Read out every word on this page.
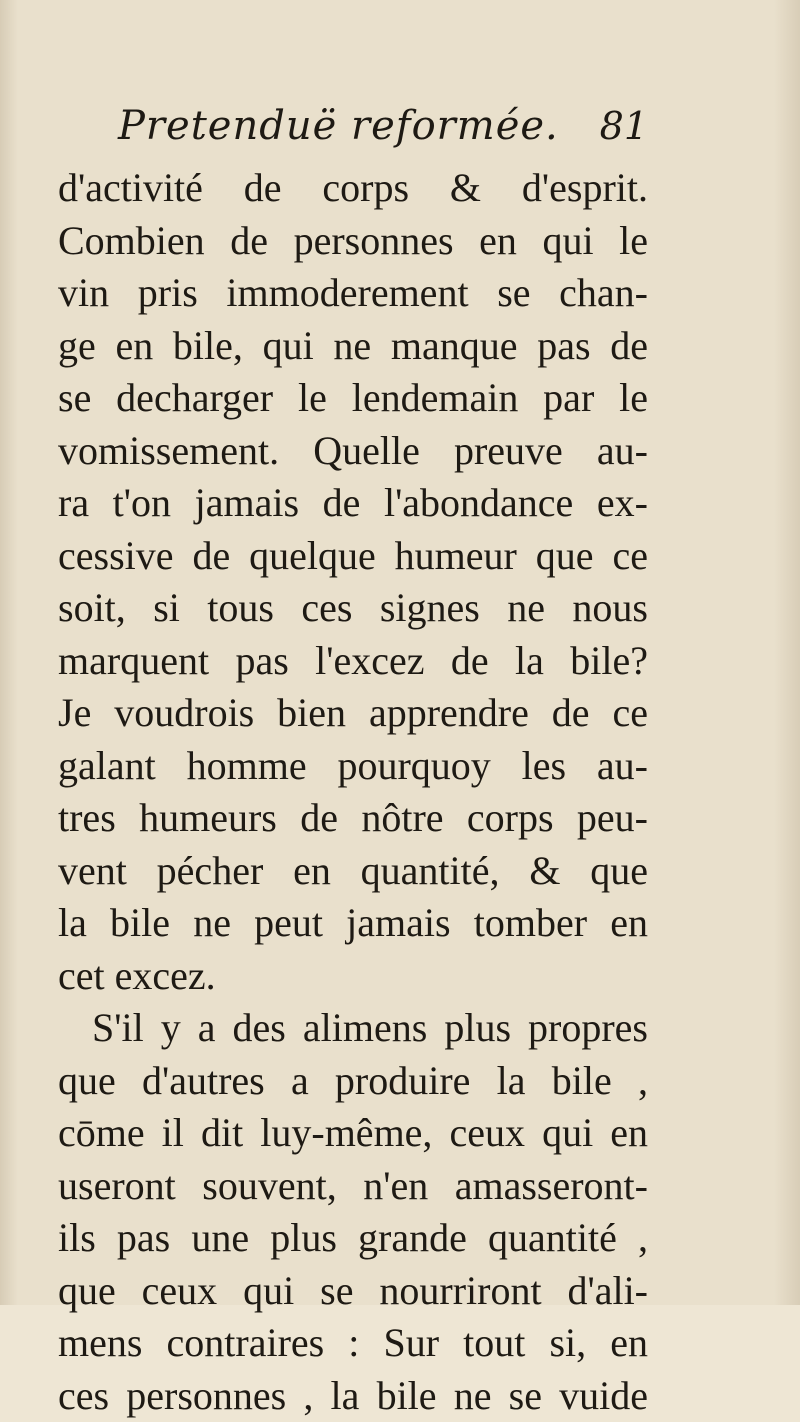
Pretenduë reformée. 81
d'activité de corps & d'esprit.
Combien de personnes en qui le
vin pris immoderement se chan-
ge en bile, qui ne manque pas de
se decharger le lendemain par le
vomissement. Quelle preuve au-
ra t'on jamais de l'abondance ex-
cessive de quelque humeur que ce
soit, si tous ces signes ne nous
marquent pas l'excez de la bile?
Je voudrois bien apprendre de ce
galant homme pourquoy les au-
tres humeurs de nôtre corps peu-
vent pécher en quantité, & que
la bile ne peut jamais tomber en
cet excez.
S'il y a des alimens plus propres
que d'autres a produire la bile ,
cōme il dit luy-même, ceux qui en
useront souvent, n'en amasseront-
ils pas une plus grande quantité ,
que ceux qui se nourriront d'ali-
mens contraires : Sur tout si, en
ces personnes , la bile ne se vuide
